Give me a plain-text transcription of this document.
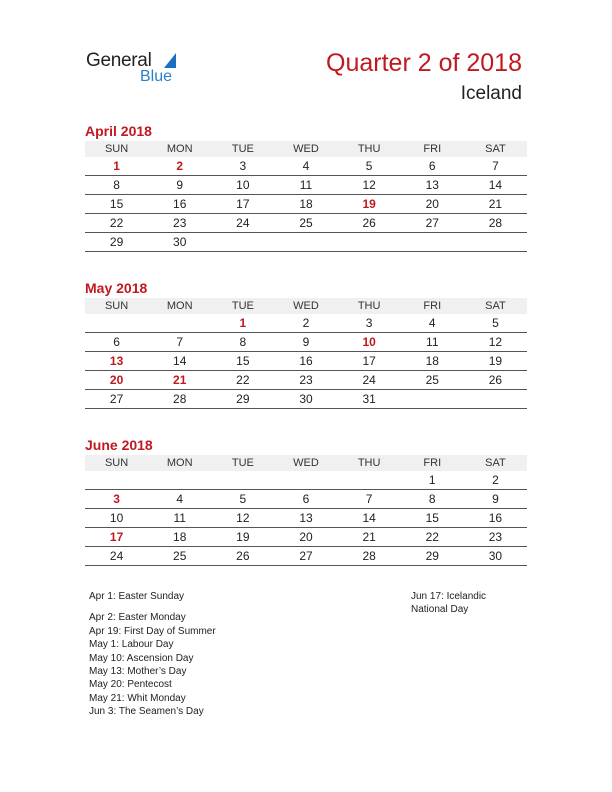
General
Blue	Quarter 2 of 2018
Iceland
April 2018
SUN	MON	TUE	WED	THU	FRI	SAT
1	2	3	4	5	6	7
8	9	10	11	12	13	14
15	16	17	18	19	20	21
22	23	24	25	26	27	28
29	30					
May 2018
SUN	MON	TUE	WED	THU	FRI	SAT
		1	2	3	4	5
6	7	8	9	10	11	12
13	14	15	16	17	18	19
20	21	22	23	24	25	26
27	28	29	30	31		
June 2018
SUN	MON	TUE	WED	THU	FRI	SAT
					1	2
3	4	5	6	7	8	9
10	11	12	13	14	15	16
17	18	19	20	21	22	23
24	25	26	27	28	29	30
Apr 1: Easter Sunday
Apr 2: Easter Monday
Apr 19: First Day of Summer
May 1: Labour Day
May 10: Ascension Day
May 13: Mother’s Day
May 20: Pentecost
May 21: Whit Monday
Jun 3: The Seamen’s Day
Jun 17: Icelandic
National Day
